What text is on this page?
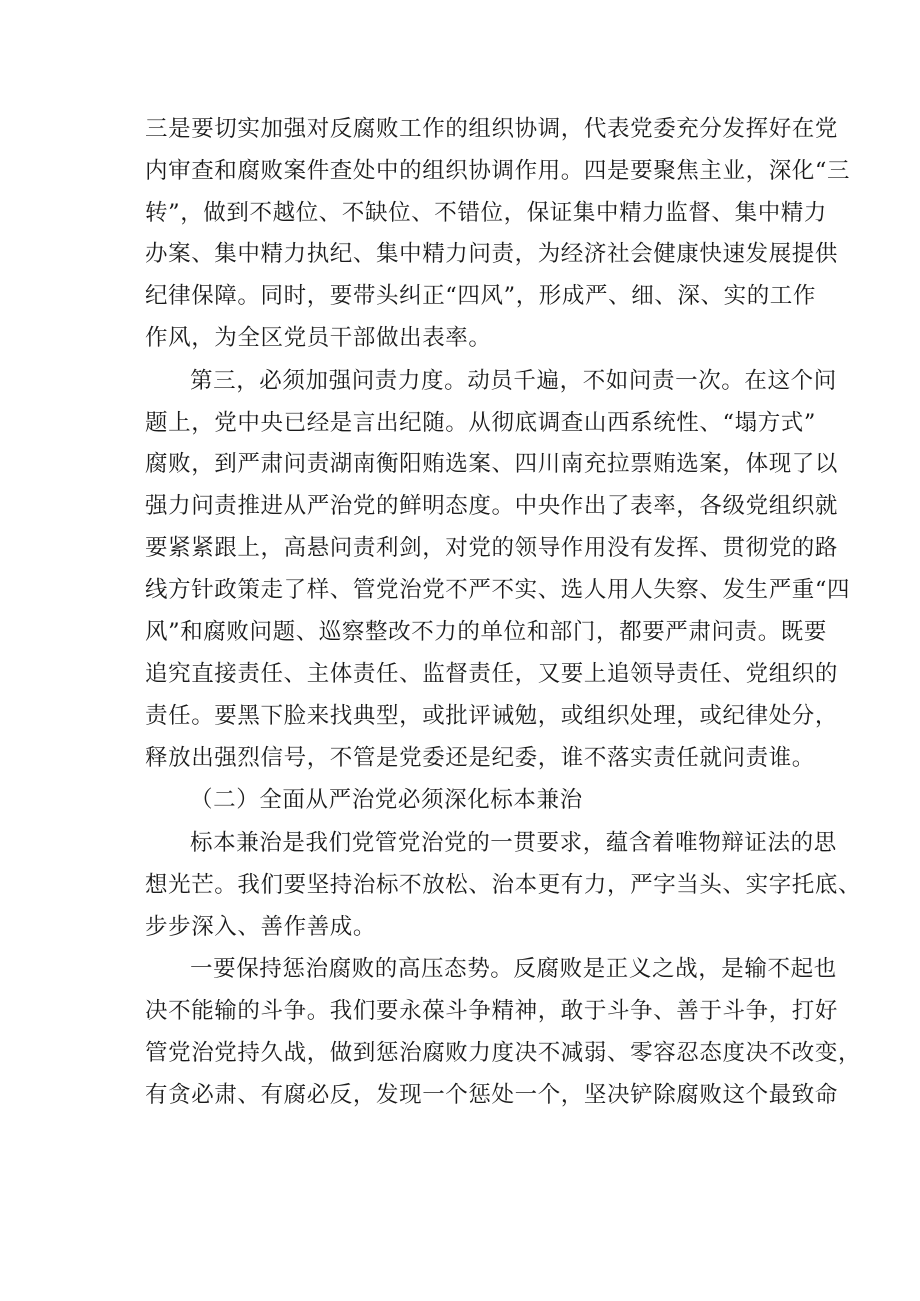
三是要切实加强对反腐败工作的组织协调，代表党委充分发挥好在党
内审查和腐败案件查处中的组织协调作用。四是要聚焦主业，深化“三
转”，做到不越位、不缺位、不错位，保证集中精力监督、集中精力
办案、集中精力执纪、集中精力问责，为经济社会健康快速发展提供
纪律保障。同时，要带头纠正“四风”，形成严、细、深、实的工作
作风，为全区党员干部做出表率。
第三，必须加强问责力度。动员千遍，不如问责一次。在这个问
题上，党中央已经是言出纪随。从彻底调查山西系统性、“塌方式”
腐败，到严肃问责湖南衡阳贿选案、四川南充拉票贿选案，体现了以
强力问责推进从严治党的鲜明态度。中央作出了表率，各级党组织就
要紧紧跟上，高悬问责利剑，对党的领导作用没有发挥、贯彻党的路
线方针政策走了样、管党治党不严不实、选人用人失察、发生严重“四
风”和腐败问题、巡察整改不力的单位和部门，都要严肃问责。既要
追究直接责任、主体责任、监督责任，又要上追领导责任、党组织的
责任。要黑下脸来找典型，或批评诫勉，或组织处理，或纪律处分，
释放出强烈信号，不管是党委还是纪委，谁不落实责任就问责谁。
（二）全面从严治党必须深化标本兼治
标本兼治是我们党管党治党的一贯要求，蕴含着唯物辩证法的思
想光芒。我们要坚持治标不放松、治本更有力，严字当头、实字托底、
步步深入、善作善成。
一要保持惩治腐败的高压态势。反腐败是正义之战，是输不起也
决不能输的斗争。我们要永葆斗争精神，敢于斗争、善于斗争，打好
管党治党持久战，做到惩治腐败力度决不减弱、零容忍态度决不改变，
有贪必肃、有腐必反，发现一个惩处一个，坚决铲除腐败这个最致命
